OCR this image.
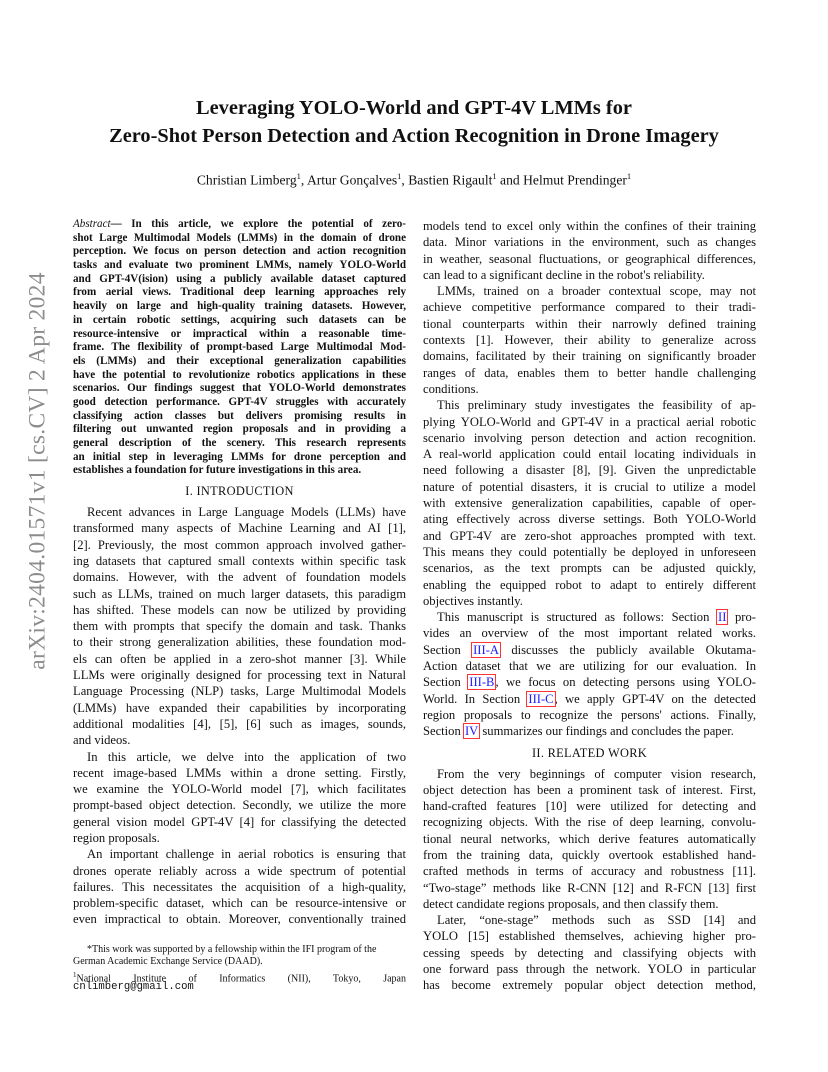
arXiv:2404.01571v1 [cs.CV] 2 Apr 2024
Leveraging YOLO-World and GPT-4V LMMs for
Zero-Shot Person Detection and Action Recognition in Drone Imagery
Christian Limberg$^1$, Artur Gonçalves$^1$, Bastien Rigault$^1$ and Helmut Prendinger$^1$
Abstract— In this article, we explore the potential of zero-
shot Large Multimodal Models (LMMs) in the domain of drone
perception. We focus on person detection and action recognition
tasks and evaluate two prominent LMMs, namely YOLO-World
and GPT-4V(ision) using a publicly available dataset captured
from aerial views. Traditional deep learning approaches rely
heavily on large and high-quality training datasets. However,
in certain robotic settings, acquiring such datasets can be
resource-intensive or impractical within a reasonable time-
frame. The flexibility of prompt-based Large Multimodal Mod-
els (LMMs) and their exceptional generalization capabilities
have the potential to revolutionize robotics applications in these
scenarios. Our findings suggest that YOLO-World demonstrates
good detection performance. GPT-4V struggles with accurately
classifying action classes but delivers promising results in
filtering out unwanted region proposals and in providing a
general description of the scenery. This research represents
an initial step in leveraging LMMs for drone perception and
establishes a foundation for future investigations in this area.
I. INTRODUCTION
Recent advances in Large Language Models (LLMs) have
transformed many aspects of Machine Learning and AI [1],
[2]. Previously, the most common approach involved gather-
ing datasets that captured small contexts within specific task
domains. However, with the advent of foundation models
such as LLMs, trained on much larger datasets, this paradigm
has shifted. These models can now be utilized by providing
them with prompts that specify the domain and task. Thanks
to their strong generalization abilities, these foundation mod-
els can often be applied in a zero-shot manner [3]. While
LLMs were originally designed for processing text in Natural
Language Processing (NLP) tasks, Large Multimodal Models
(LMMs) have expanded their capabilities by incorporating
additional modalities [4], [5], [6] such as images, sounds,
and videos.
In this article, we delve into the application of two
recent image-based LMMs within a drone setting. Firstly,
we examine the YOLO-World model [7], which facilitates
prompt-based object detection. Secondly, we utilize the more
general vision model GPT-4V [4] for classifying the detected
region proposals.
An important challenge in aerial robotics is ensuring that
drones operate reliably across a wide spectrum of potential
failures. This necessitates the acquisition of a high-quality,
problem-specific dataset, which can be resource-intensive or
even impractical to obtain. Moreover, conventionally trained
*This work was supported by a fellowship within the IFI program of the
German Academic Exchange Service (DAAD).
$^1$National Institute of Informatics (NII), Tokyo, Japan
cnlimberg@gmail.com
models tend to excel only within the confines of their training
data. Minor variations in the environment, such as changes
in weather, seasonal fluctuations, or geographical differences,
can lead to a significant decline in the robot's reliability.
LMMs, trained on a broader contextual scope, may not
achieve competitive performance compared to their tradi-
tional counterparts within their narrowly defined training
contexts [1]. However, their ability to generalize across
domains, facilitated by their training on significantly broader
ranges of data, enables them to better handle challenging
conditions.
This preliminary study investigates the feasibility of ap-
plying YOLO-World and GPT-4V in a practical aerial robotic
scenario involving person detection and action recognition.
A real-world application could entail locating individuals in
need following a disaster [8], [9]. Given the unpredictable
nature of potential disasters, it is crucial to utilize a model
with extensive generalization capabilities, capable of oper-
ating effectively across diverse settings. Both YOLO-World
and GPT-4V are zero-shot approaches prompted with text.
This means they could potentially be deployed in unforeseen
scenarios, as the text prompts can be adjusted quickly,
enabling the equipped robot to adapt to entirely different
objectives instantly.
This manuscript is structured as follows: Section II pro-
vides an overview of the most important related works.
Section III-A discusses the publicly available Okutama-
Action dataset that we are utilizing for our evaluation. In
Section III-B, we focus on detecting persons using YOLO-
World. In Section III-C, we apply GPT-4V on the detected
region proposals to recognize the persons' actions. Finally,
Section IV summarizes our findings and concludes the paper.
II. RELATED WORK
From the very beginnings of computer vision research,
object detection has been a prominent task of interest. First,
hand-crafted features [10] were utilized for detecting and
recognizing objects. With the rise of deep learning, convolu-
tional neural networks, which derive features automatically
from the training data, quickly overtook established hand-
crafted methods in terms of accuracy and robustness [11].
“Two-stage” methods like R-CNN [12] and R-FCN [13] first
detect candidate regions proposals, and then classify them.
Later, “one-stage” methods such as SSD [14] and
YOLO [15] established themselves, achieving higher pro-
cessing speeds by detecting and classifying objects with
one forward pass through the network. YOLO in particular
has become extremely popular object detection method,
